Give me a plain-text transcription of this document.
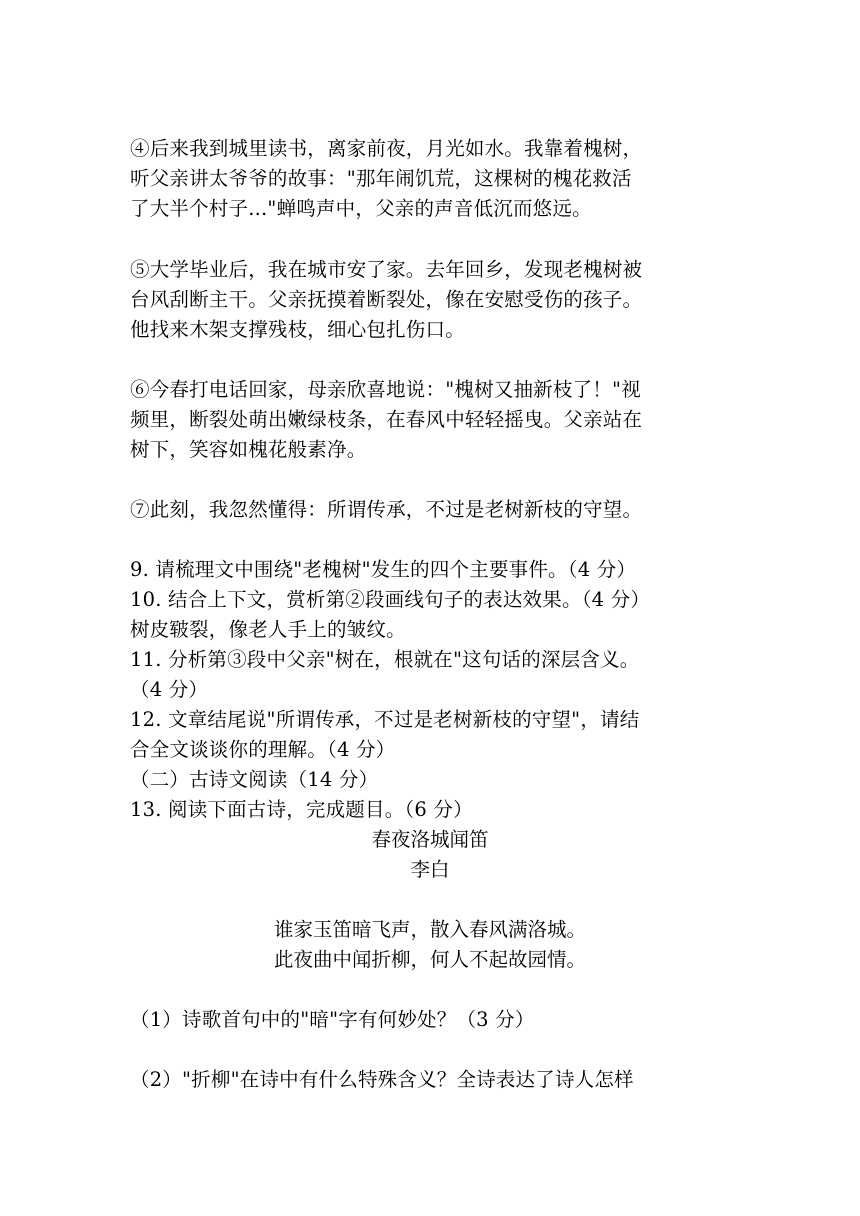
④后来我到城里读书，离家前夜，月光如水。我靠着槐树，
听父亲讲太爷爷的故事："那年闹饥荒，这棵树的槐花救活
了大半个村子..."蝉鸣声中，父亲的声音低沉而悠远。
⑤大学毕业后，我在城市安了家。去年回乡，发现老槐树被
台风刮断主干。父亲抚摸着断裂处，像在安慰受伤的孩子。
他找来木架支撑残枝，细心包扎伤口。
⑥今春打电话回家，母亲欣喜地说："槐树又抽新枝了！"视
频里，断裂处萌出嫩绿枝条，在春风中轻轻摇曳。父亲站在
树下，笑容如槐花般素净。
⑦此刻，我忽然懂得：所谓传承，不过是老树新枝的守望。
9. 请梳理文中围绕"老槐树"发生的四个主要事件。（4 分）
10. 结合上下文，赏析第②段画线句子的表达效果。（4 分）
树皮皲裂，像老人手上的皱纹。
11. 分析第③段中父亲"树在，根就在"这句话的深层含义。
（4 分）
12. 文章结尾说"所谓传承，不过是老树新枝的守望"，请结
合全文谈谈你的理解。（4 分）
（二）古诗文阅读（14 分）
13. 阅读下面古诗，完成题目。（6 分）
春夜洛城闻笛
李白
谁家玉笛暗飞声，散入春风满洛城。
此夜曲中闻折柳，何人不起故园情。
（1）诗歌首句中的"暗"字有何妙处？（3 分）
（2）"折柳"在诗中有什么特殊含义？全诗表达了诗人怎样
